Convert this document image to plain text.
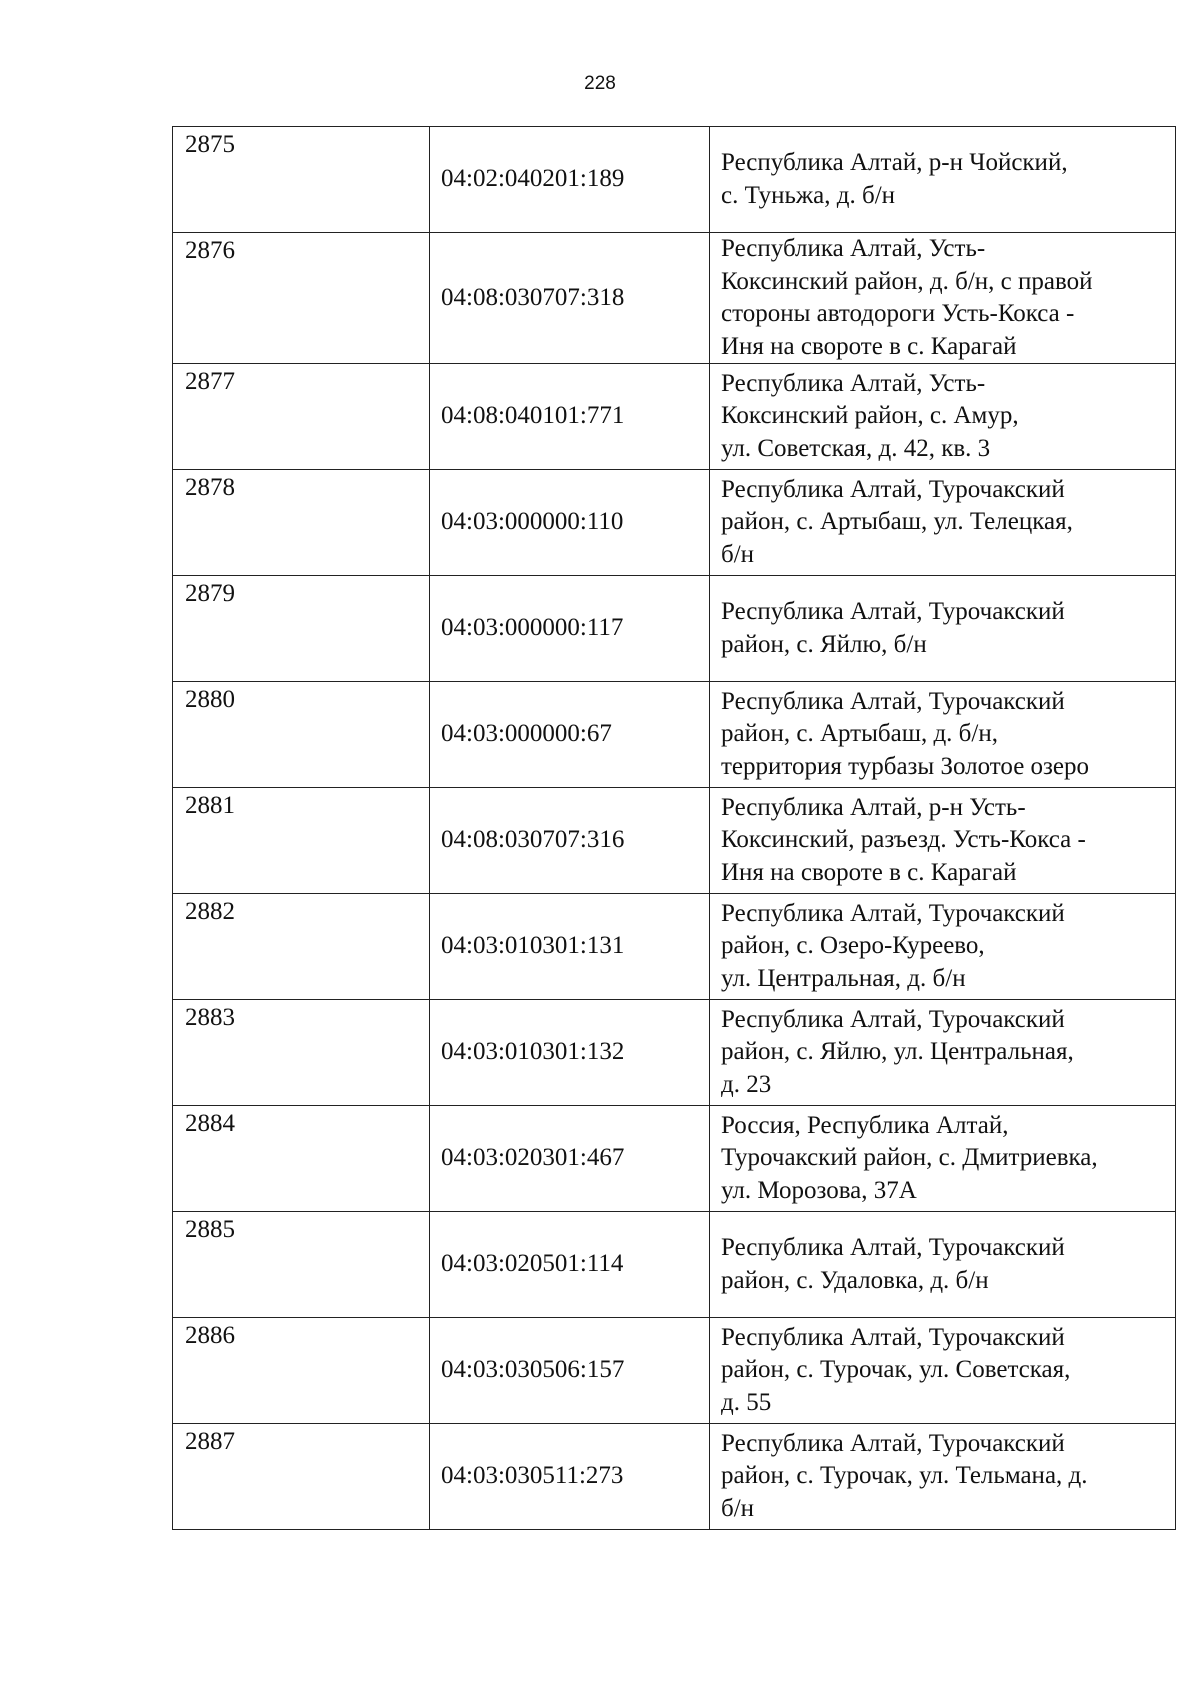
228
2875	04:02:040201:189	Республика Алтай, р-н Чойский,
с. Туньжа, д. б/н

2876	04:08:030707:318	Республика Алтай, Усть-
Коксинский район, д. б/н, с правой
стороны автодороги Усть-Кокса -
Иня на свороте в с. Карагай

2877	04:08:040101:771	Республика Алтай, Усть-
Коксинский район, с. Амур,
ул. Советская, д. 42, кв. 3

2878	04:03:000000:110	Республика Алтай, Турочакский
район, с. Артыбаш, ул. Телецкая,
б/н

2879	04:03:000000:117	Республика Алтай, Турочакский
район, с. Яйлю, б/н

2880	04:03:000000:67	Республика Алтай, Турочакский
район, с. Артыбаш, д. б/н,
территория турбазы Золотое озеро

2881	04:08:030707:316	Республика Алтай, р-н Усть-
Коксинский, разъезд. Усть-Кокса -
Иня на свороте в с. Карагай

2882	04:03:010301:131	Республика Алтай, Турочакский
район, с. Озеро-Куреево,
ул. Центральная, д. б/н

2883	04:03:010301:132	Республика Алтай, Турочакский
район, с. Яйлю, ул. Центральная,
д. 23

2884	04:03:020301:467	Россия, Республика Алтай,
Турочакский район, с. Дмитриевка,
ул. Морозова, 37А

2885	04:03:020501:114	Республика Алтай, Турочакский
район, с. Удаловка, д. б/н

2886	04:03:030506:157	Республика Алтай, Турочакский
район, с. Турочак, ул. Советская,
д. 55

2887	04:03:030511:273	Республика Алтай, Турочакский
район, с. Турочак, ул. Тельмана, д.
б/н
